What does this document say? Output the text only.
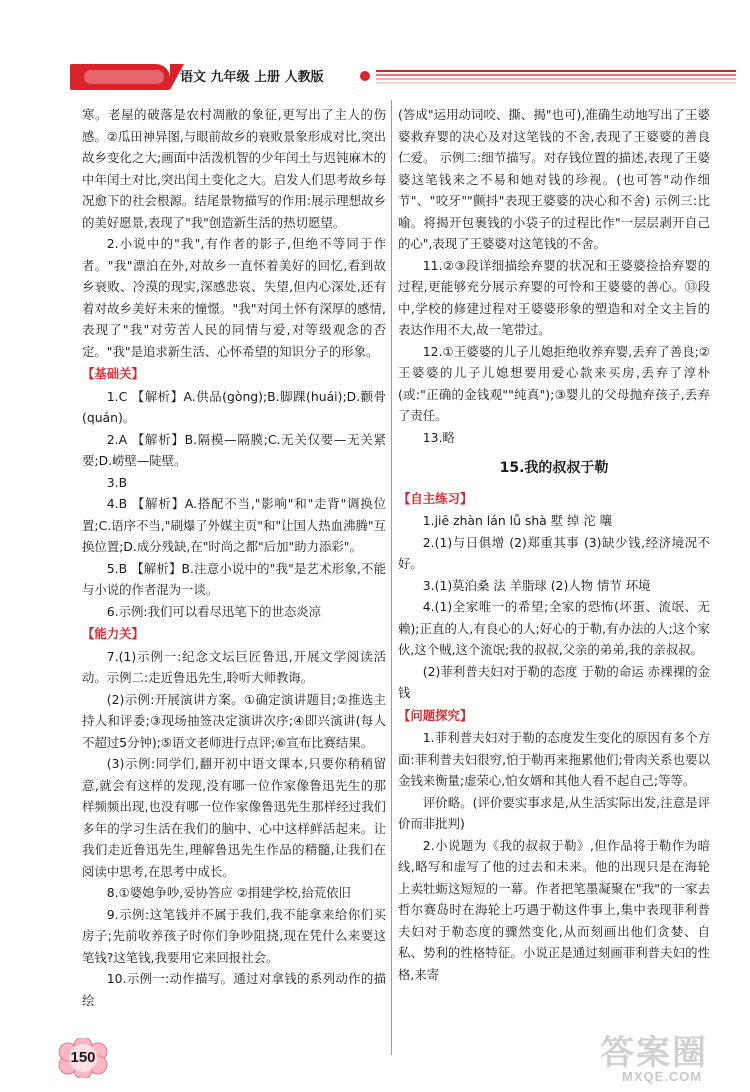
语文 九年级 上册 人教版
寒。老屋的破落是农村凋敝的象征,更写出了主人的伤感。②瓜田神异图,与眼前故乡的衰败景象形成对比,突出故乡变化之大;画面中活泼机智的少年闰土与迟钝麻木的中年闰土对比,突出闰土变化之大。启发人们思考故乡每况愈下的社会根源。结尾景物描写的作用:展示理想故乡的美好愿景,表现了"我"创造新生活的热切愿望。
2.小说中的"我",有作者的影子,但绝不等同于作者。"我"漂泊在外,对故乡一直怀着美好的回忆,看到故乡衰败、冷漠的现实,深感悲哀、失望,但内心深处,还有着对故乡美好未来的憧憬。"我"对闰土怀有深厚的感情,表现了"我"对劳苦人民的同情与爱,对等级观念的否定。"我"是追求新生活、心怀希望的知识分子的形象。
【基础关】
1.C 【解析】A.供品(gòng);B.脚踝(huái);D.颧骨(quán)。
2.A 【解析】B.隔模—隔膜;C.无关仅要—无关紧要;D.崂壁—陡壁。
3.B
4.B 【解析】A.搭配不当,"影响"和"走背"调换位置;C.语序不当,"刷爆了外媒主页"和"让国人热血沸腾"互换位置;D.成分残缺,在"时尚之都"后加"助力添彩"。
5.B 【解析】B.注意小说中的"我"是艺术形象,不能与小说的作者混为一谈。
6.示例:我们可以看尽迅笔下的世态炎凉
【能力关】
7.(1)示例一:纪念文坛巨匠鲁迅,开展文学阅读活动。示例二:走近鲁迅先生,聆听大师教诲。
(2)示例:开展演讲方案。①确定演讲题目;②推选主持人和评委;③现场抽签决定演讲次序;④即兴演讲(每人不超过5分钟);⑤语文老师进行点评;⑥宣布比赛结果。
(3)示例:同学们,翻开初中语文课本,只要你稍稍留意,就会有这样的发现,没有哪一位作家像鲁迅先生的那样频频出现,也没有哪一位作家像鲁迅先生那样经过我们多年的学习生活在我们的脑中、心中这样鲜活起来。让我们走近鲁迅先生,理解鲁迅先生作品的精髓,让我们在阅读中思考,在思考中成长。
8.①婆媳争吵,妥协答应 ②捐建学校,拾荒依旧
9.示例:这笔钱并不属于我们,我不能拿来给你们买房子;先前收养孩子时你们争吵阻挠,现在凭什么来要这笔钱?这笔钱,我要用它来回报社会。
10.示例一:动作描写。通过对拿钱的系列动作的描绘
(答成"运用动词咬、撕、揭"也可),准确生动地写出了王婆婆救弃婴的决心及对这笔钱的不舍,表现了王婆婆的善良仁爱。 示例二:细节描写。对存钱位置的描述,表现了王婆婆这笔钱来之不易和她对钱的珍视。(也可答"动作细节"、"咬牙""颤抖"表现王婆婆的决心和不舍) 示例三:比喻。将揭开包裹钱的小袋子的过程比作"一层层剥开自己的心",表现了王婆婆对这笔钱的不舍。
11.②③段详细描绘弃婴的状况和王婆婆捡拾弃婴的过程,更能够充分展示弃婴的可怜和王婆婆的善心。⑬段中,学校的修建过程对王婆婆形象的塑造和对全文主旨的表达作用不大,故一笔带过。
12.①王婆婆的儿子儿媳拒绝收养弃婴,丢弃了善良;②王婆婆的儿子儿媳想要用爱心款来买房,丢弃了淳朴(或:"正确的金钱观""纯真");③婴儿的父母抛弃孩子,丢弃了责任。
13.略
15.我的叔叔于勒
【自主练习】
1.jiē zhàn lán lǚ shà 墅 绰 沱 嚷
2.(1)与日俱增 (2)郑重其事 (3)缺少钱,经济境况不好。
3.(1)莫泊桑 法 羊脂球 (2)人物 情节 环境
4.(1)全家唯一的希望;全家的恐怖(坏蛋、流氓、无赖);正直的人,有良心的人;好心的于勒,有办法的人;这个家伙,这个贼,这个流氓;我的叔叔,父亲的弟弟,我的亲叔叔。
(2)菲利普夫妇对于勒的态度 于勒的命运 赤裸裸的金钱
【问题探究】
1.菲利普夫妇对于勒的态度发生变化的原因有多个方面:菲利普夫妇很穷,怕于勒再来拖累他们;骨肉关系也要以金钱来衡量;虚荣心,怕女婿和其他人看不起自己;等等。
评价略。(评价要实事求是,从生活实际出发,注意是评价而非批判)
2.小说题为《我的叔叔于勒》,但作品将于勒作为暗线,略写和虚写了他的过去和未来。他的出现只是在海轮上卖牡蛎这短短的一幕。作者把笔墨凝聚在"我"的一家去哲尔赛岛时在海轮上巧遇于勒这件事上,集中表现菲利普夫妇对于勒态度的骤然变化,从而刻画出他们贪婪、自私、势利的性格特征。小说正是通过刻画菲利普夫妇的性格,来寄
150	答案圈
MXQE.COM
